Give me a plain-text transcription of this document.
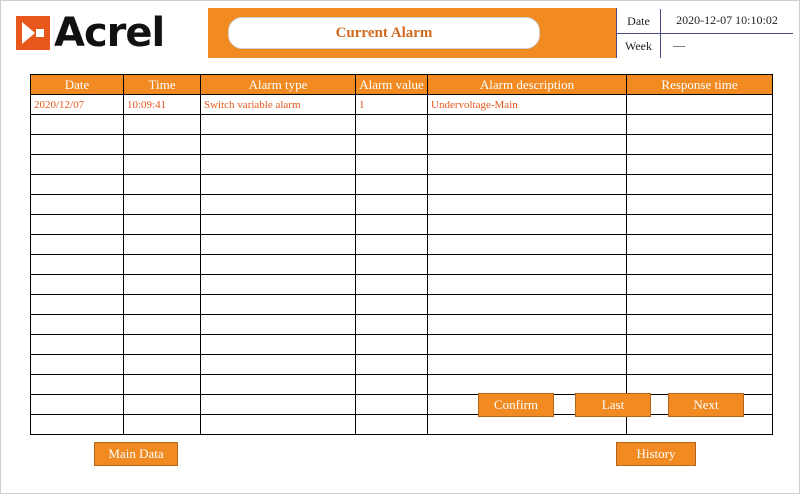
Acrel	Current Alarm
Date	2020-12-07 10:10:02
Week	—
Date	Time	Alarm type	Alarm value	Alarm description	Response time
2020/12/07	10:09:41	Switch variable alarm	1	Undervoltage-Main	

Confirm	Last	Next
Main Data	History
